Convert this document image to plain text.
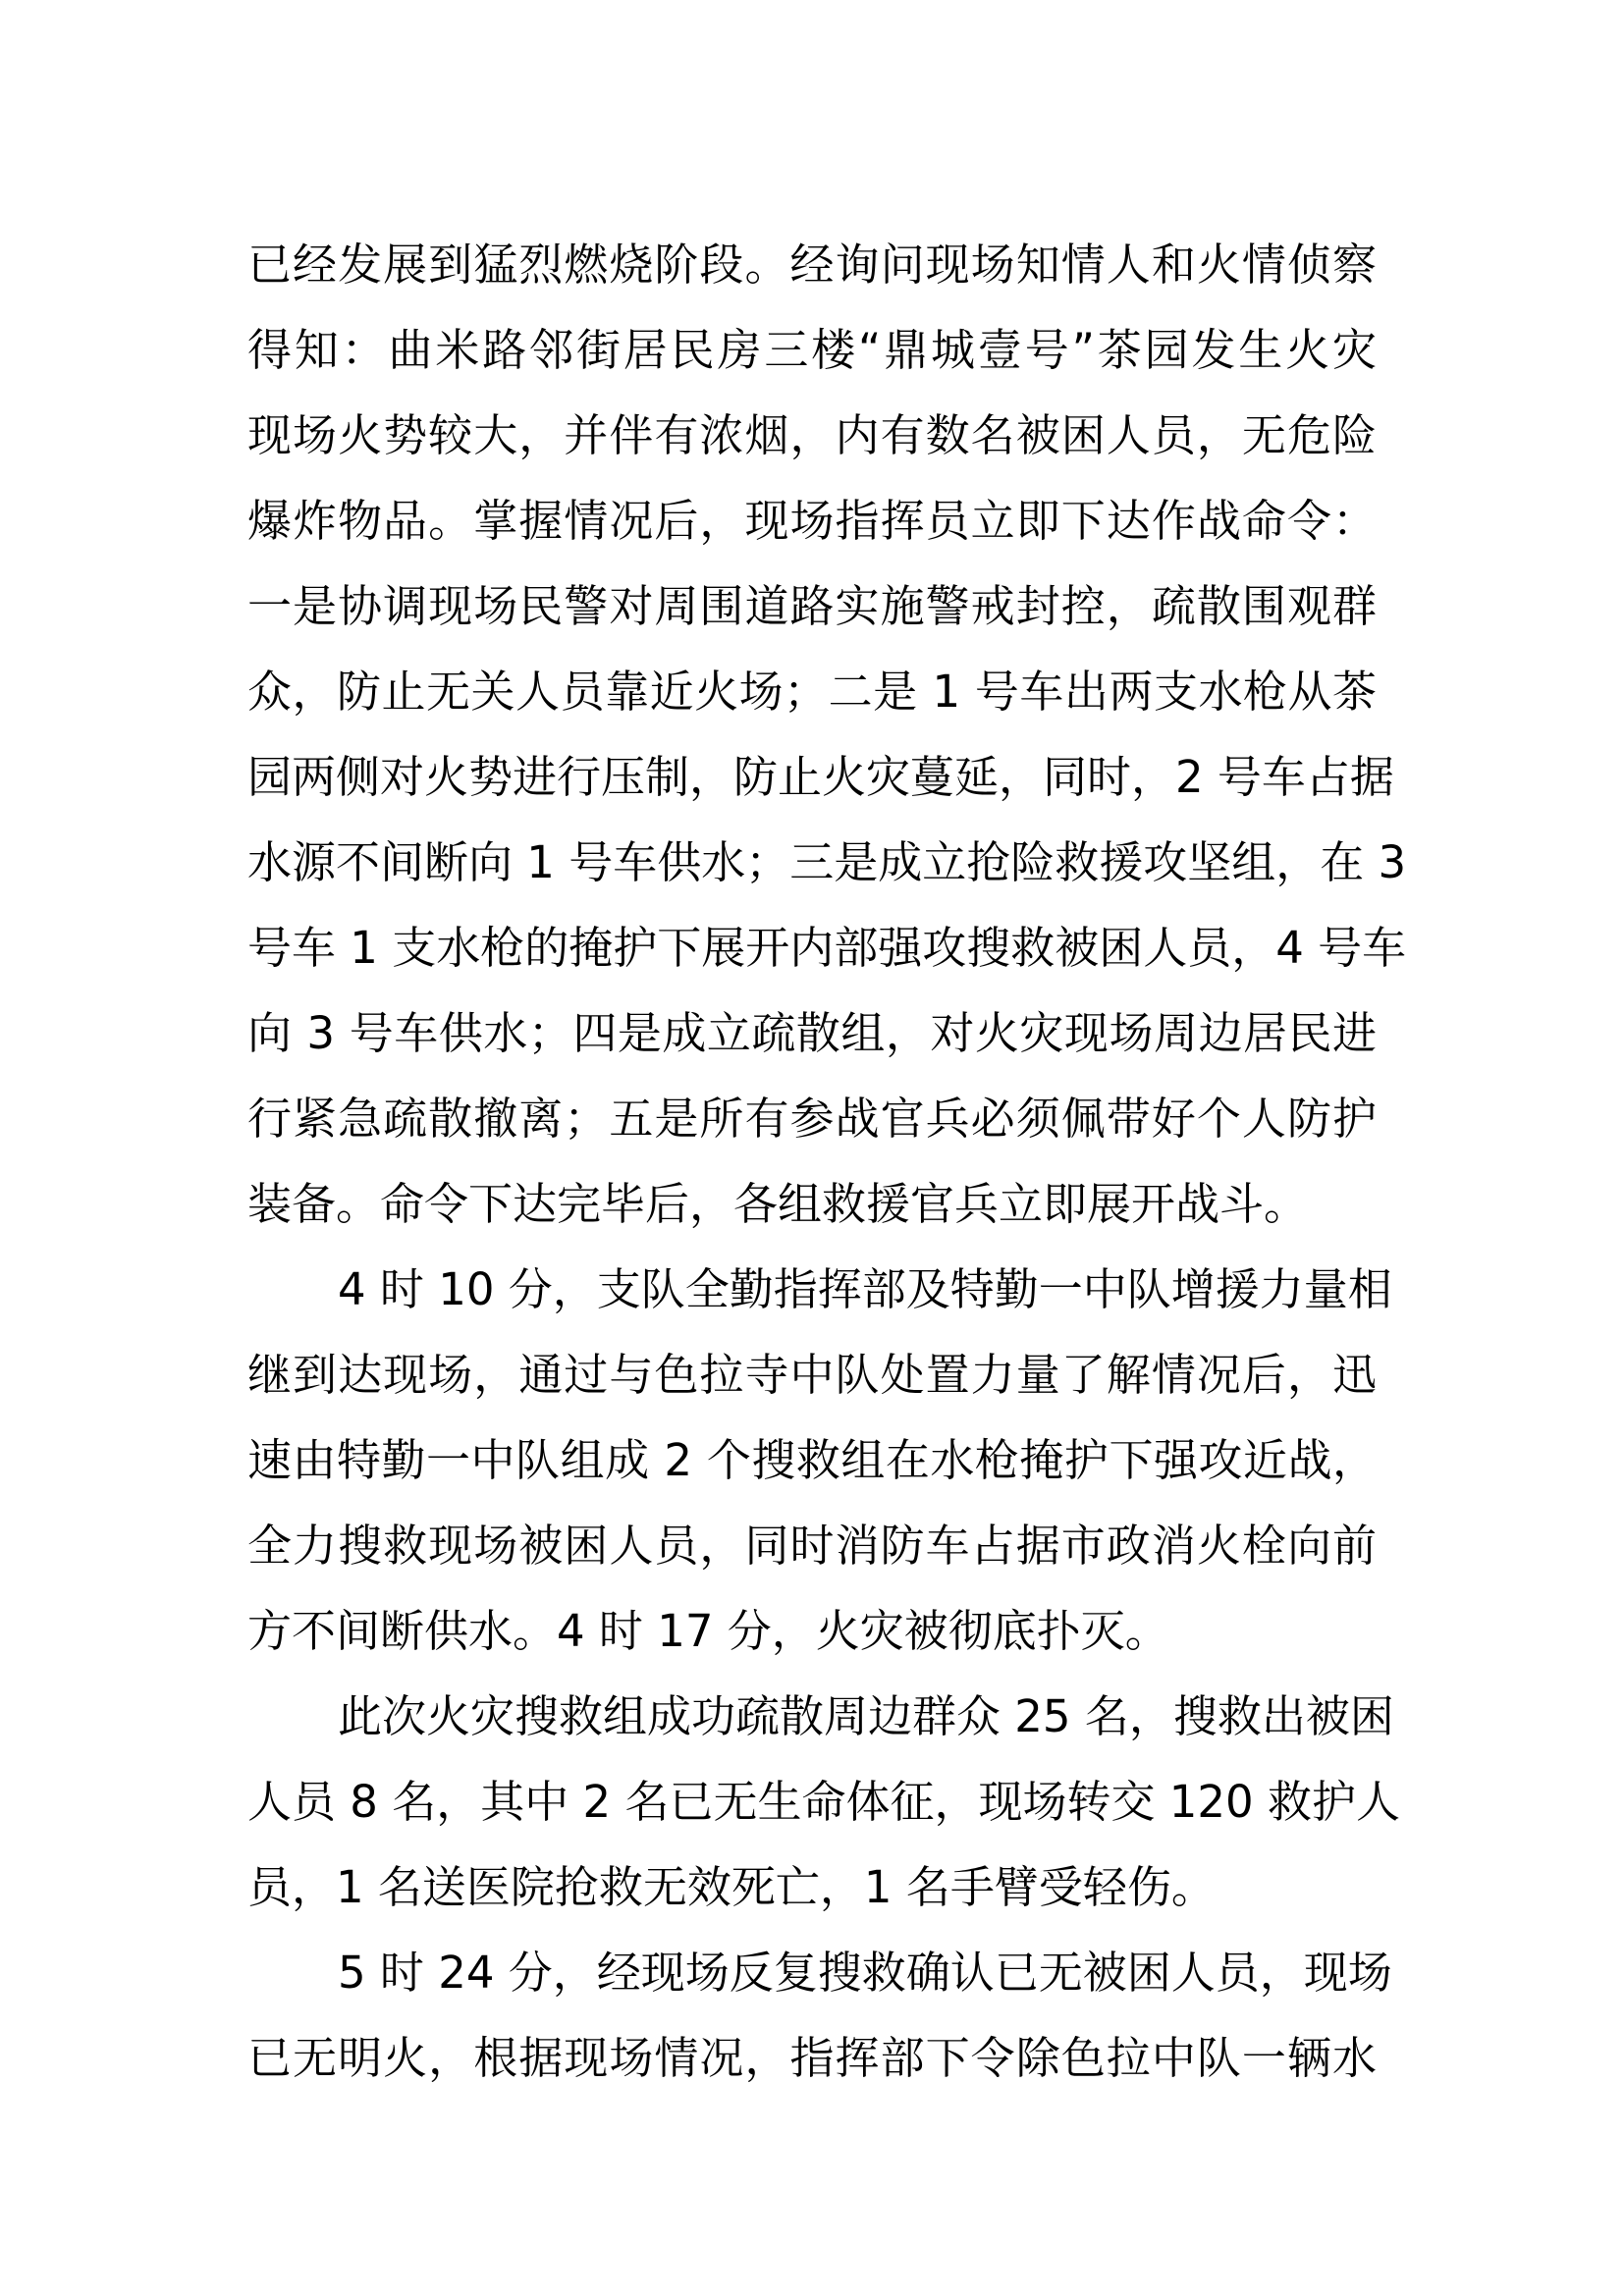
已经发展到猛烈燃烧阶段。经询问现场知情人和火情侦察
得知：曲米路邻街居民房三楼“鼎城壹号”茶园发生火灾
现场火势较大，并伴有浓烟，内有数名被困人员，无危险
爆炸物品。掌握情况后，现场指挥员立即下达作战命令：
一是协调现场民警对周围道路实施警戒封控，疏散围观群
众，防止无关人员靠近火场；二是 1 号车出两支水枪从茶
园两侧对火势进行压制，防止火灾蔓延，同时，2 号车占据
水源不间断向 1 号车供水；三是成立抢险救援攻坚组，在 3
号车 1 支水枪的掩护下展开内部强攻搜救被困人员，4 号车
向 3 号车供水；四是成立疏散组，对火灾现场周边居民进
行紧急疏散撤离；五是所有参战官兵必须佩带好个人防护
装备。命令下达完毕后，各组救援官兵立即展开战斗。
4 时 10 分，支队全勤指挥部及特勤一中队增援力量相
继到达现场，通过与色拉寺中队处置力量了解情况后，迅
速由特勤一中队组成 2 个搜救组在水枪掩护下强攻近战，
全力搜救现场被困人员，同时消防车占据市政消火栓向前
方不间断供水。4 时 17 分，火灾被彻底扑灭。
此次火灾搜救组成功疏散周边群众 25 名，搜救出被困
人员 8 名，其中 2 名已无生命体征，现场转交 120 救护人
员，1 名送医院抢救无效死亡，1 名手臂受轻伤。
5 时 24 分，经现场反复搜救确认已无被困人员，现场
已无明火，根据现场情况，指挥部下令除色拉中队一辆水
